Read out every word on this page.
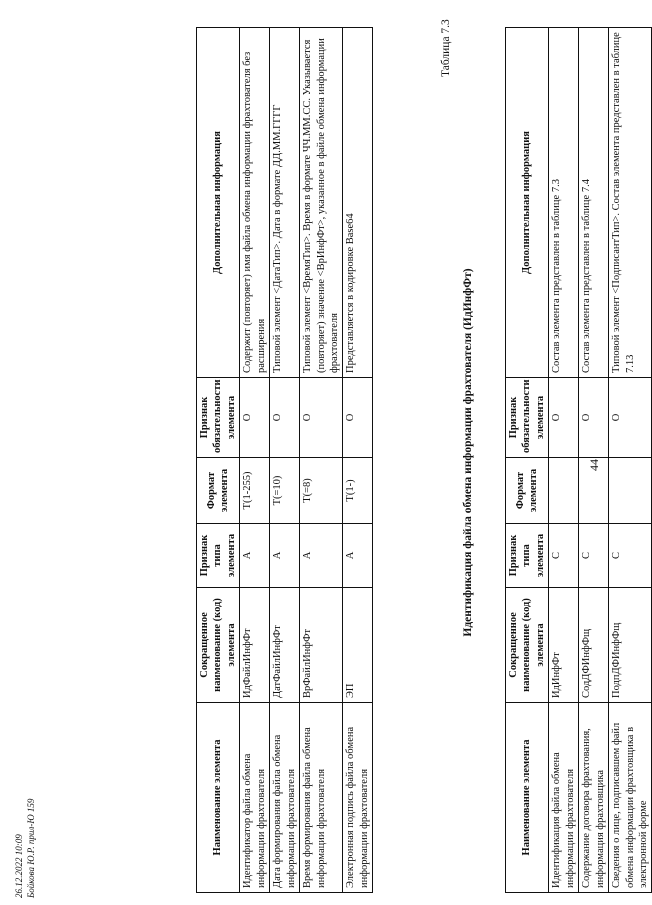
44
Наименование элемента	Сокращенное наименование (код) элемента	Признак типа элемента	Формат элемента	Признак обязательности элемента	Дополнительная информация
Идентификация файла обмена информации фрахтователя	ИдИнфФт	С		О	Состав элемента представлен в таблице 7.3
Содержание договора фрахтования, информация фрахтовщика	СодДФИнфФщ	С		О	Состав элемента представлен в таблице 7.4
Сведения о лице, подписавшем файл обмена информации фрахтовщика в электронной форме	ПодпДФИнфФщ	С		О	Типовой элемент <ПодписантТип>. Состав элемента представлен в таблице 7.13
Таблица 7.3
Идентификация файла обмена информации фрахтователя (ИдИнфФт)
Наименование элемента	Сокращенное наименование (код) элемента	Признак типа элемента	Формат элемента	Признак обязательности элемента	Дополнительная информация
Идентификатор файла обмена информации фрахтователя	ИдФайлИнфФт	А	Т(1-255)	О	Содержит (повторяет) имя файла обмена информации фрахтователя без расширения
Дата формирования файла обмена информации фрахтователя	ДатФайлИнфФт	А	Т(=10)	О	Типовой элемент <ДатаТип>. Дата в формате ДД.ММ.ГГГГ
Время формирования файла обмена информации фрахтователя	ВрФайлИнфФт	А	Т(=8)	О	Типовой элемент <ВремяТип>. Время в формате ЧЧ.ММ.СС. Указывается (повторяет) значение <ВрИнфФт>, указанное в файле обмена информации фрахтователя
Электронная подпись файла обмена информации фрахтователя	ЭП	А	Т(1-)	О	Представляется в кодировке Base64
26.12.2022 10:09 Бойкова Ю.Р. прил-Ю 159
